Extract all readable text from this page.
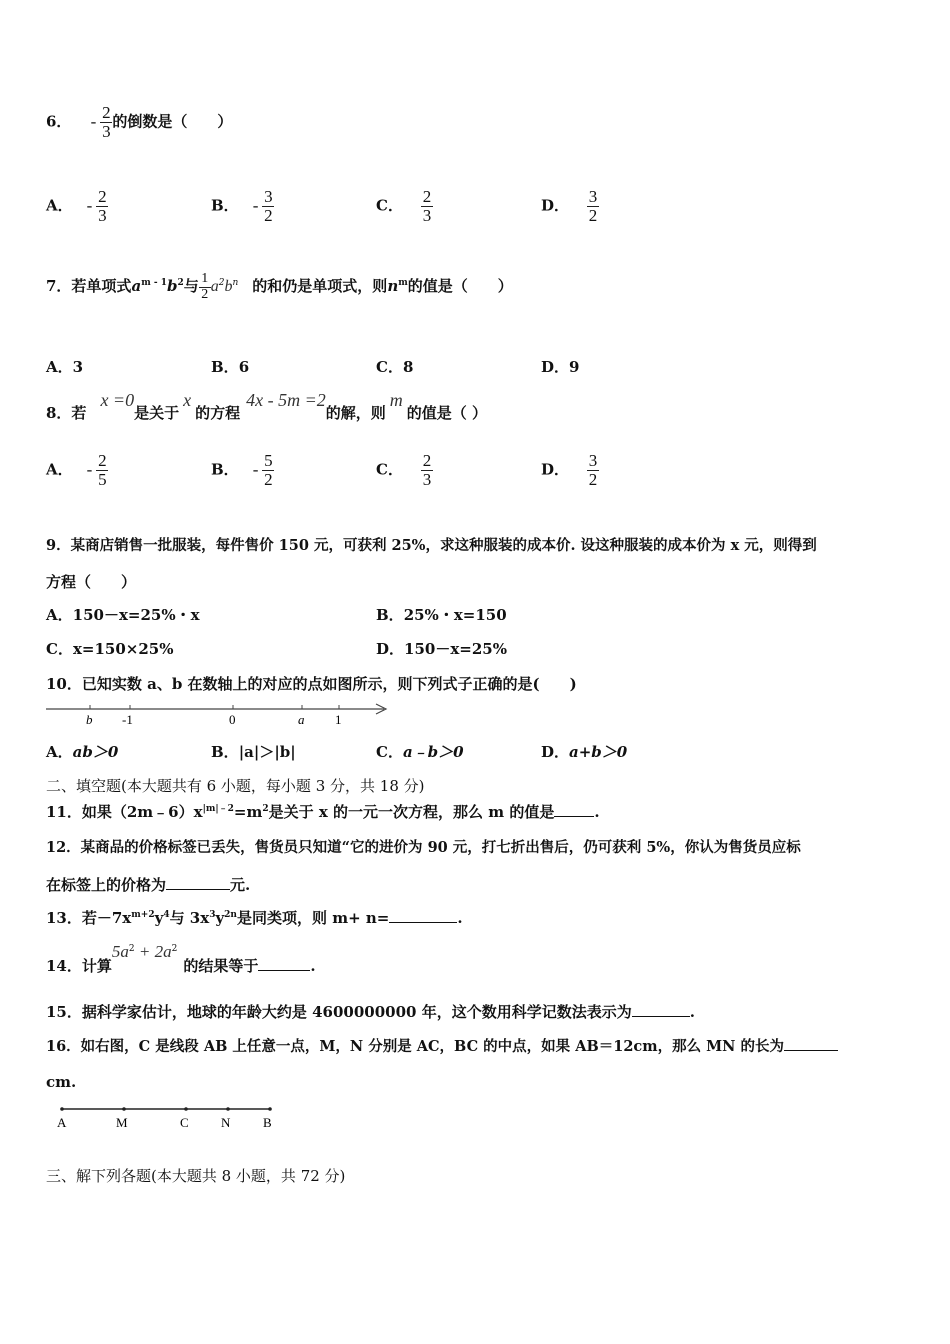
6． - $\frac{2}{3}$ 的倒数是（　　）
A． - $\frac{2}{3}$	B． - $\frac{3}{2}$	C． $\frac{2}{3}$	D． $\frac{3}{2}$
7．若单项式$a^{m - 1}b^2$与 $\frac{1}{2} a^2b^n$ 的和仍是单项式，则$n^m$的值是（　　）
A．3	B．6	C．8	D．9
8．若x =0是关于x的方程4x - 5m =2的解，则m的值是（ ）
A． - $\frac{2}{5}$	B． - $\frac{5}{2}$	C． $\frac{2}{3}$	D． $\frac{3}{2}$
9．某商店销售一批服装，每件售价 150 元，可获利 25%，求这种服装的成本价. 设这种服装的成本价为 x 元，则得到
方程（　　）
A．150－x=25%・x	B．25%・x=150
C．x=150×25%	D．150－x=25%
10．已知实数 a、b 在数轴上的对应的点如图所示，则下列式子正确的是(　　)
b -1	0	a 1
A．ab＞0	B．|a|＞|b|	C．a﹣b＞0	D．a+b＞0
二、填空题(本大题共有 6 小题，每小题 3 分，共 18 分)
11．如果$(2m﹣6)x^{|m|﹣2}=m^2$是关于 x 的一元一次方程，那么 m 的值是	.
12．某商品的价格标签已丢失，售货员只知道“它的进价为 90 元，打七折出售后，仍可获利 5%，你认为售货员应标
在标签上的价格为	元.
13．若$-7x^{m+2}y^4$与 $3x^3y^{2n}$是同类项，则 m+ n=	.
14．计算$5a^2 + 2a^2$的结果等于	.
15．据科学家估计，地球的年龄大约是 4600000000 年，这个数用科学记数法表示为	.
16．如右图，C 是线段 AB 上任意一点，M，N 分别是 AC，BC 的中点，如果 AB＝12cm，那么 MN 的长为
cm.
A	M	C N	B
三、解下列各题(本大题共 8 小题，共 72 分)
